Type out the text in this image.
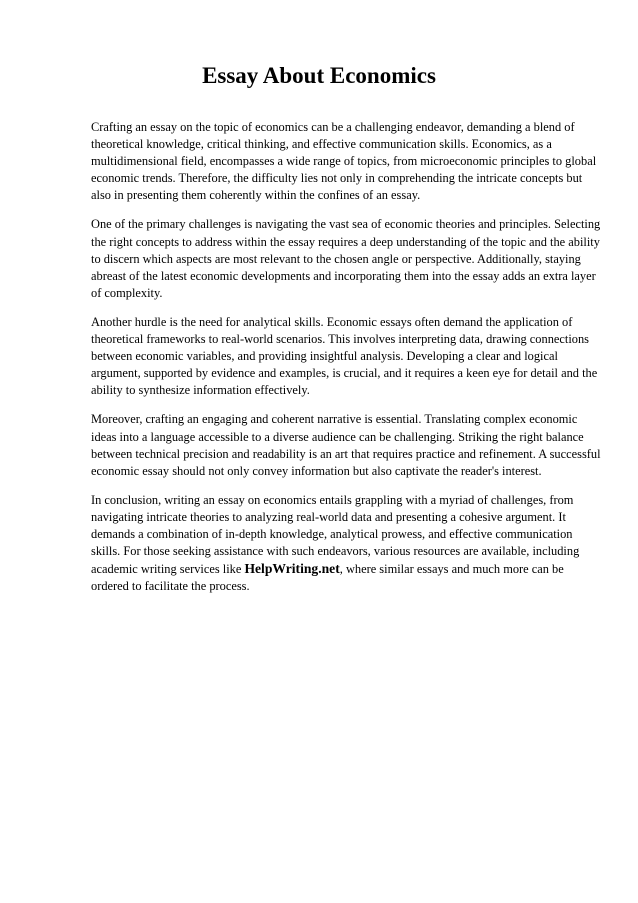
Essay About Economics

Crafting an essay on the topic of economics can be a challenging endeavor, demanding a blend of theoretical knowledge, critical thinking, and effective communication skills. Economics, as a multidimensional field, encompasses a wide range of topics, from microeconomic principles to global economic trends. Therefore, the difficulty lies not only in comprehending the intricate concepts but also in presenting them coherently within the confines of an essay.

One of the primary challenges is navigating the vast sea of economic theories and principles. Selecting the right concepts to address within the essay requires a deep understanding of the topic and the ability to discern which aspects are most relevant to the chosen angle or perspective. Additionally, staying abreast of the latest economic developments and incorporating them into the essay adds an extra layer of complexity.

Another hurdle is the need for analytical skills. Economic essays often demand the application of theoretical frameworks to real-world scenarios. This involves interpreting data, drawing connections between economic variables, and providing insightful analysis. Developing a clear and logical argument, supported by evidence and examples, is crucial, and it requires a keen eye for detail and the ability to synthesize information effectively.

Moreover, crafting an engaging and coherent narrative is essential. Translating complex economic ideas into a language accessible to a diverse audience can be challenging. Striking the right balance between technical precision and readability is an art that requires practice and refinement. A successful economic essay should not only convey information but also captivate the reader's interest.

In conclusion, writing an essay on economics entails grappling with a myriad of challenges, from navigating intricate theories to analyzing real-world data and presenting a cohesive argument. It demands a combination of in-depth knowledge, analytical prowess, and effective communication skills. For those seeking assistance with such endeavors, various resources are available, including academic writing services like HelpWriting.net, where similar essays and much more can be ordered to facilitate the process.
